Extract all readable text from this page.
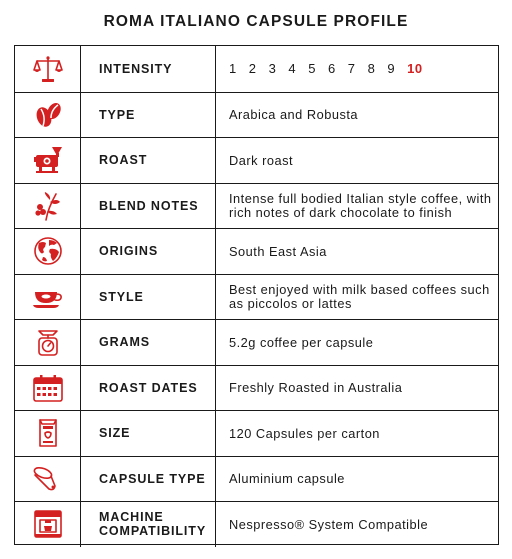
ROMA ITALIANO CAPSULE PROFILE
INTENSITY	1 2 3 4 5 6 7 8 9 10
TYPE	Arabica and Robusta
ROAST	Dark roast
BLEND NOTES	Intense full bodied Italian style coffee, with rich notes of dark chocolate to finish
ORIGINS	South East Asia
STYLE	Best enjoyed with milk based coffees such as piccolos or lattes
GRAMS	5.2g coffee per capsule
ROAST DATES	Freshly Roasted in Australia
SIZE	120 Capsules per carton
CAPSULE TYPE	Aluminium capsule
MACHINE COMPATIBILITY	Nespresso® System Compatible
